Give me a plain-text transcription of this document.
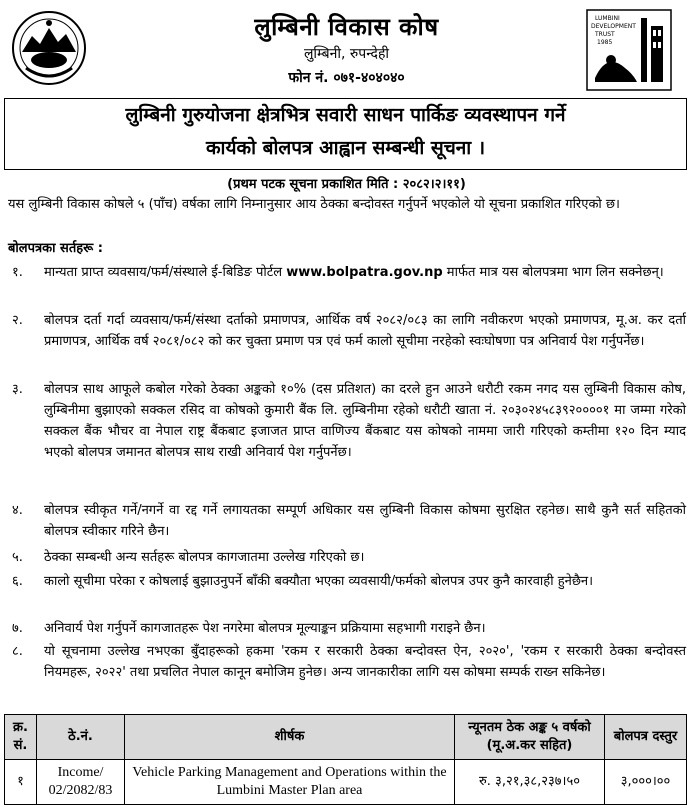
LUMBINI
DEVELOPMENT
TRUST
1985
लुम्बिनी विकास कोष
लुम्बिनी, रुपन्देही
फोन नं. ०७१-४०४०४०
लुम्बिनी गुरुयोजना क्षेत्रभित्र सवारी साधन पार्किङ व्यवस्थापन गर्ने
कार्यको बोलपत्र आह्वान सम्बन्धी सूचना ।
(प्रथम पटक सूचना प्रकाशित मिति : २०८२।२।११)
यस लुम्बिनी विकास कोषले ५ (पाँच) वर्षका लागि निम्नानुसार आय ठेक्का बन्दोवस्त गर्नुपर्ने भएकोले यो सूचना प्रकाशित गरिएको छ।
बोलपत्रका सर्तहरू :
१. मान्यता प्राप्त व्यवसाय/फर्म/संस्थाले ई-बिडिङ पोर्टल www.bolpatra.gov.np मार्फत मात्र यस बोलपत्रमा भाग लिन सक्नेछन्।
२. बोलपत्र दर्ता गर्दा व्यवसाय/फर्म/संस्था दर्ताको प्रमाणपत्र, आर्थिक वर्ष २०८२/०८३ का लागि नवीकरण भएको प्रमाणपत्र, मू.अ. कर दर्ता प्रमाणपत्र, आर्थिक वर्ष २०८१/०८२ को कर चुक्ता प्रमाण पत्र एवं फर्म कालो सूचीमा नरहेको स्वःघोषणा पत्र अनिवार्य पेश गर्नुपर्नेछ।
३. बोलपत्र साथ आफूले कबोल गरेको ठेक्का अङ्कको १०% (दस प्रतिशत) का दरले हुन आउने धरौटी रकम नगद यस लुम्बिनी विकास कोष, लुम्बिनीमा बुझाएको सक्कल रसिद वा कोषको कुमारी बैंक लि. लुम्बिनीमा रहेको धरौटी खाता नं. २०३०२४५८३९२००००१ मा जम्मा गरेको सक्कल बैंक भौचर वा नेपाल राष्ट्र बैंकबाट इजाजत प्राप्त वाणिज्य बैंकबाट यस कोषको नाममा जारी गरिएको कम्तीमा १२० दिन म्याद भएको बोलपत्र जमानत बोलपत्र साथ राखी अनिवार्य पेश गर्नुपर्नेछ।
४. बोलपत्र स्वीकृत गर्ने/नगर्ने वा रद्द गर्ने लगायतका सम्पूर्ण अधिकार यस लुम्बिनी विकास कोषमा सुरक्षित रहनेछ। साथै कुनै सर्त सहितको बोलपत्र स्वीकार गरिने छैन।
५. ठेक्का सम्बन्धी अन्य सर्तहरू बोलपत्र कागजातमा उल्लेख गरिएको छ।
६. कालो सूचीमा परेका र कोषलाई बुझाउनुपर्ने बाँकी बक्यौता भएका व्यवसायी/फर्मको बोलपत्र उपर कुनै कारवाही हुनेछैन।
७. अनिवार्य पेश गर्नुपर्ने कागजातहरू पेश नगरेमा बोलपत्र मूल्याङ्कन प्रक्रियामा सहभागी गराइने छैन।
८. यो सूचनामा उल्लेख नभएका बुँदाहरूको हकमा 'रकम र सरकारी ठेक्का बन्दोवस्त ऐन, २०२०', 'रकम र सरकारी ठेक्का बन्दोवस्त नियमहरू, २०२२' तथा प्रचलित नेपाल कानून बमोजिम हुनेछ। अन्य जानकारीका लागि यस कोषमा सम्पर्क राख्न सकिनेछ।
क्र. सं.	ठे.नं.	शीर्षक	न्यूनतम ठेक अङ्क ५ वर्षको (मू.अ.कर सहित)	बोलपत्र दस्तुर
१	Income/ 02/2082/83	Vehicle Parking Management and Operations within the Lumbini Master Plan area	रु. ३,२१,३८,२३७।५०	३,०००।००
